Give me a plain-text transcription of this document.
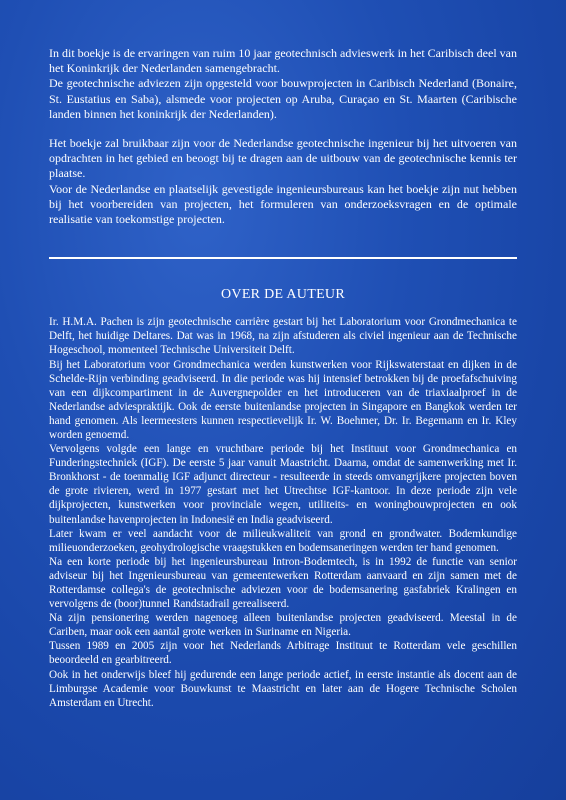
In dit boekje is de ervaringen van ruim 10 jaar geotechnisch advieswerk in het Caribisch deel van het Koninkrijk der Nederlanden samengebracht.

De geotechnische adviezen zijn opgesteld voor bouwprojecten in Caribisch Nederland (Bonaire, St. Eustatius en Saba), alsmede voor projecten op Aruba, Curaçao en St. Maarten (Caribische landen binnen het koninkrijk der Nederlanden).

Het boekje zal bruikbaar zijn voor de Nederlandse geotechnische ingenieur bij het uitvoeren van opdrachten in het gebied en beoogt bij te dragen aan de uitbouw van de geotechnische kennis ter plaatse.

Voor de Nederlandse en plaatselijk gevestigde ingenieursbureaus kan het boekje zijn nut hebben bij het voorbereiden van projecten, het formuleren van onderzoeksvragen en de optimale realisatie van toekomstige projecten.

OVER DE AUTEUR

Ir. H.M.A. Pachen is zijn geotechnische carrière gestart bij het Laboratorium voor Grondmechanica te Delft, het huidige Deltares. Dat was in 1968, na zijn afstuderen als civiel ingenieur aan de Technische Hogeschool, momenteel Technische Universiteit Delft.

Bij het Laboratorium voor Grondmechanica werden kunstwerken voor Rijkswaterstaat en dijken in de Schelde-Rijn verbinding geadviseerd. In die periode was hij intensief betrokken bij de proefafschuiving van een dijkcompartiment in de Auvergnepolder en het introduceren van de triaxiaalproef in de Nederlandse adviespraktijk. Ook de eerste buitenlandse projecten in Singapore en Bangkok werden ter hand genomen. Als leermeesters kunnen respectievelijk Ir. W. Boehmer, Dr. Ir. Begemann en Ir. Kley worden genoemd.

Vervolgens volgde een lange en vruchtbare periode bij het Instituut voor Grondmechanica en Funderingstechniek (IGF). De eerste 5 jaar vanuit Maastricht. Daarna, omdat de samenwerking met Ir. Bronkhorst - de toenmalig IGF adjunct directeur - resulteerde in steeds omvangrijkere projecten boven de grote rivieren, werd in 1977 gestart met het Utrechtse IGF-kantoor. In deze periode zijn vele dijkprojecten, kunstwerken voor provinciale wegen, utiliteits- en woningbouwprojecten en ook buitenlandse havenprojecten in Indonesië en India geadviseerd.

Later kwam er veel aandacht voor de milieukwaliteit van grond en grondwater. Bodemkundige milieuonderzoeken, geohydrologische vraagstukken en bodemsaneringen werden ter hand genomen.

Na een korte periode bij het ingenieursbureau Intron-Bodemtech, is in 1992 de functie van senior adviseur bij het Ingenieursbureau van gemeentewerken Rotterdam aanvaard en zijn samen met de Rotterdamse collega's de geotechnische adviezen voor de bodemsanering gasfabriek Kralingen en vervolgens de (boor)tunnel Randstadrail gerealiseerd.

Na zijn pensionering werden nagenoeg alleen buitenlandse projecten geadviseerd. Meestal in de Cariben, maar ook een aantal grote werken in Suriname en Nigeria.

Tussen 1989 en 2005 zijn voor het Nederlands Arbitrage Instituut te Rotterdam vele geschillen beoordeeld en gearbitreerd.

Ook in het onderwijs bleef hij gedurende een lange periode actief, in eerste instantie als docent aan de Limburgse Academie voor Bouwkunst te Maastricht en later aan de Hogere Technische Scholen Amsterdam en Utrecht.
